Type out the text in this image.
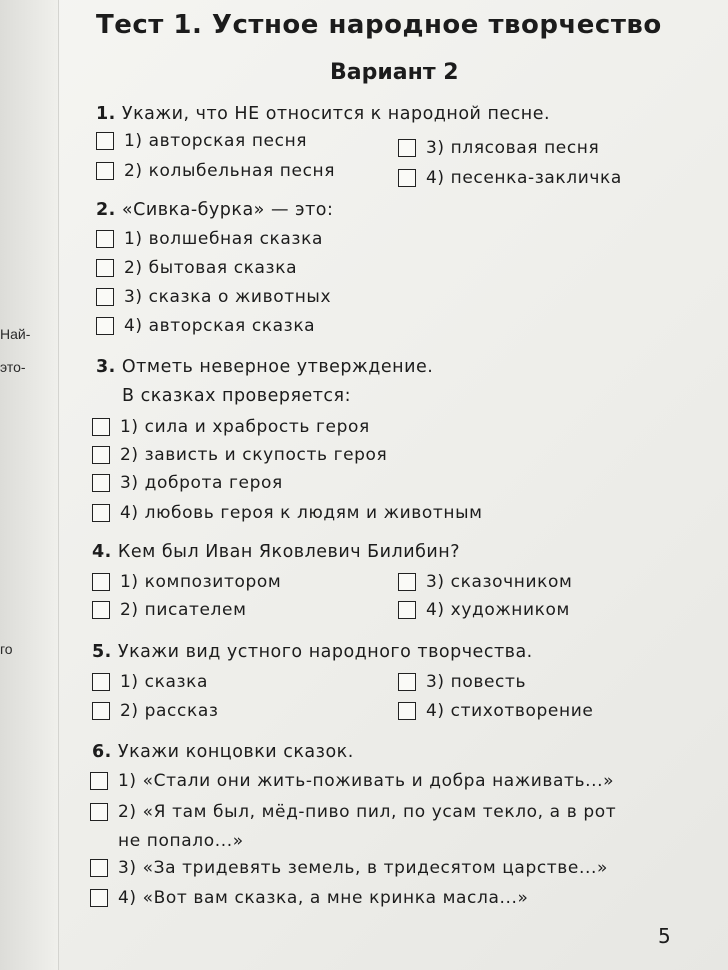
Най-
это-
го
Тест 1. Устное народное творчество
Вариант 2
1. Укажи, что НЕ относится к народной песне.
1) авторская песня
2) колыбельная песня
3) плясовая песня
4) песенка-закличка
2. «Сивка-бурка» — это:
1) волшебная сказка
2) бытовая сказка
3) сказка о животных
4) авторская сказка
3. Отметь неверное утверждение.
В сказках проверяется:
1) сила и храбрость героя
2) зависть и скупость героя
3) доброта героя
4) любовь героя к людям и животным
4. Кем был Иван Яковлевич Билибин?
1) композитором
2) писателем
3) сказочником
4) художником
5. Укажи вид устного народного творчества.
1) сказка
2) рассказ
3) повесть
4) стихотворение
6. Укажи концовки сказок.
1) «Стали они жить-поживать и добра наживать...»
2) «Я там был, мёд-пиво пил, по усам текло, а в рот
не попало...»
3) «За тридевять земель, в тридесятом царстве...»
4) «Вот вам сказка, а мне кринка масла...»
5
